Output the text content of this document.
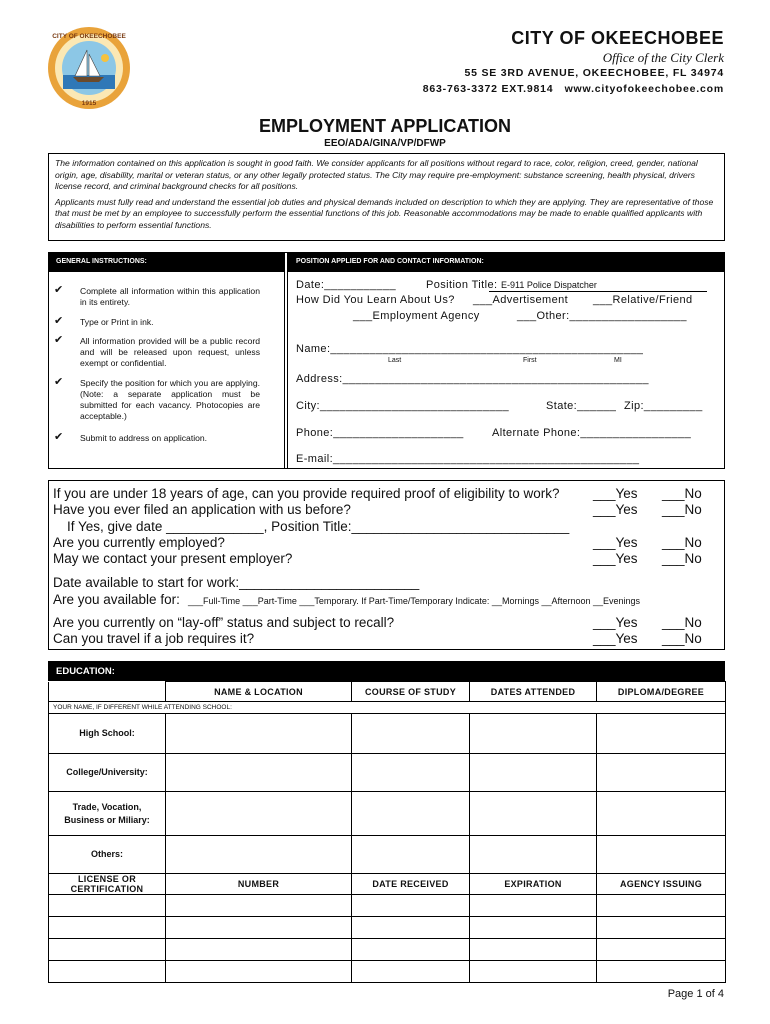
CITY OF OKEECHOBEE
1915
CITY OF OKEECHOBEE
Office of the City Clerk
55 SE 3RD AVENUE, OKEECHOBEE, FL 34974
863-763-3372 EXT.9814 www.cityofokeechobee.com
EMPLOYMENT APPLICATION
EEO/ADA/GINA/VP/DFWP

The information contained on this application is sought in good faith. We consider applicants for all positions without regard to race, color, religion, creed, gender, national origin, age, disability, marital or veteran status, or any other legally protected status. The City may require pre-employment: substance screening, health physical, drivers license record, and criminal background checks for all positions.

Applicants must fully read and understand the essential job duties and physical demands included on description to which they are applying. They are representative of those that must be met by an employee to successfully perform the essential functions of this job. Reasonable accommodations may be made to enable qualified applicants with disabilities to perform essential functions.

GENERAL INSTRUCTIONS:	POSITION APPLIED FOR AND CONTACT INFORMATION:
✔ Complete all information within this application in its entirety.
✔ Type or Print in ink.
✔ All information provided will be a public record and will be released upon request, unless exempt or confidential.
✔ Specify the position for which you are applying. (Note: a separate application must be submitted for each vacancy. Photocopies are acceptable.)
✔ Submit to address on application.
Date:___________	Position Title: E-911 Police Dispatcher
How Did You Learn About Us? ___Advertisement ___Relative/Friend
___Employment Agency	___Other:__________________
Name:________________________________________________
Last	First	MI
Address:_______________________________________________
City:_____________________________	State:______ Zip:_________
Phone:____________________	Alternate Phone:_________________
E-mail:_______________________________________________
If you are under 18 years of age, can you provide required proof of eligibility to work? ___Yes ___No
Have you ever filed an application with us before?	___Yes ___No
If Yes, give date _____________, Position Title:_____________________________
Are you currently employed?	___Yes ___No
May we contact your present employer?	___Yes ___No
Date available to start for work:________________________
Are you available for: ___Full-Time ___Part-Time ___Temporary. If Part-Time/Temporary Indicate: __Mornings __Afternoon __Evenings
Are you currently on “lay-off” status and subject to recall?	___Yes ___No
Can you travel if a job requires it?	___Yes ___No
EDUCATION:
	NAME & LOCATION	COURSE OF STUDY	DATES ATTENDED	DIPLOMA/DEGREE
YOUR NAME, IF DIFFERENT WHILE ATTENDING SCHOOL:				
High School:				
College/University:				
Trade, Vocation, Business or Miliary:				
Others:				
LICENSE OR CERTIFICATION	NUMBER	DATE RECEIVED	EXPIRATION	AGENCY ISSUING

Page 1 of 4
